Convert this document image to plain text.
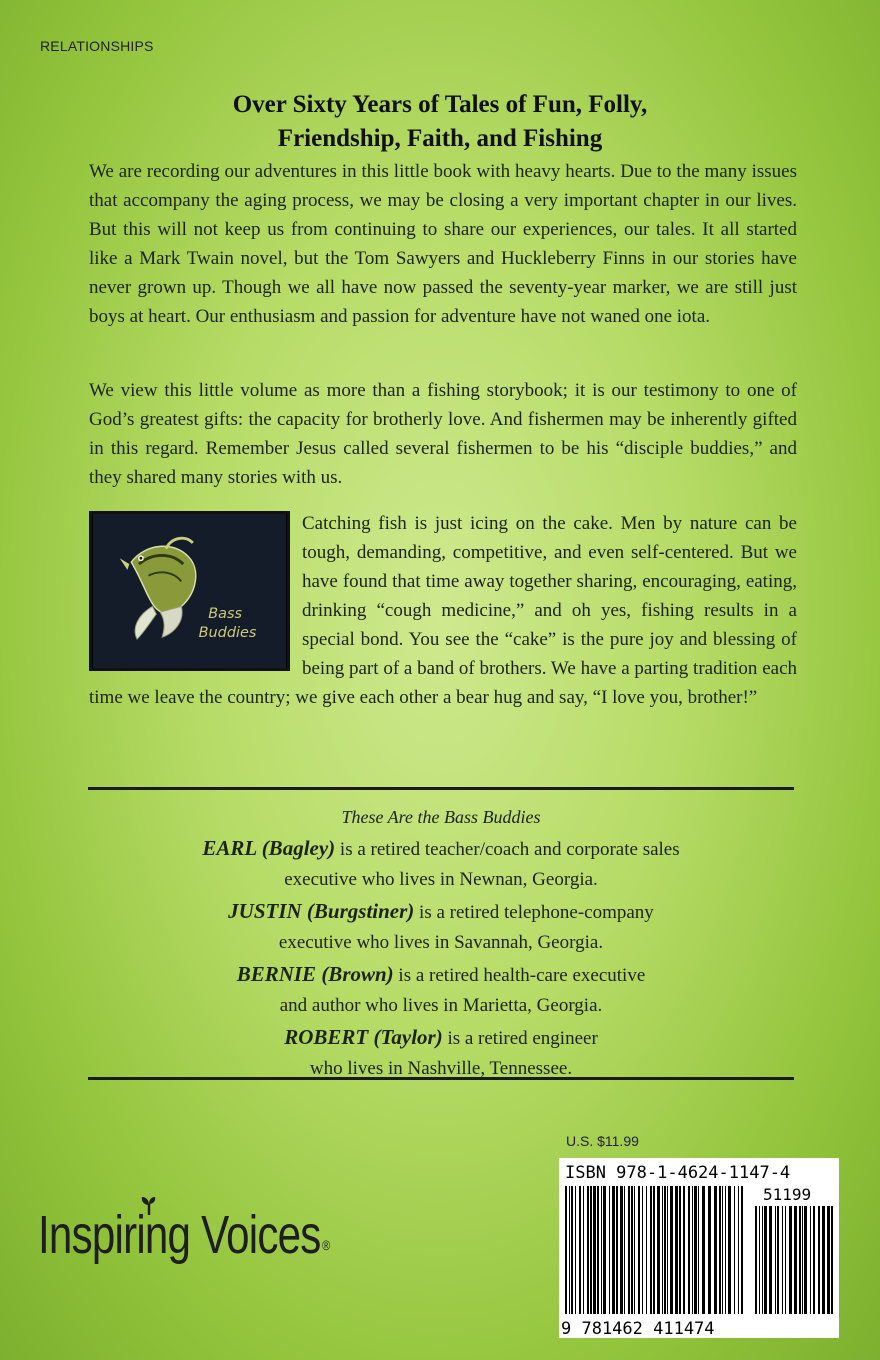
RELATIONSHIPS
Over Sixty Years of Tales of Fun, Folly,
Friendship, Faith, and Fishing

We are recording our adventures in this little book with heavy hearts. Due to the many issues that accompany the aging process, we may be closing a very important chapter in our lives. But this will not keep us from continuing to share our experiences, our tales. It all started like a Mark Twain novel, but the Tom Sawyers and Huckleberry Finns in our stories have never grown up. Though we all have now passed the seventy-year marker, we are still just boys at heart. Our enthusiasm and passion for adventure have not waned one iota.

We view this little volume as more than a fishing storybook; it is our testimony to one of God’s greatest gifts: the capacity for brotherly love. And fishermen may be inherently gifted in this regard. Remember Jesus called several fishermen to be his “disciple buddies,” and they shared many stories with us.

Bass
Buddies
Catching fish is just icing on the cake. Men by nature can be tough, demanding, competitive, and even self-centered. But we have found that time away together sharing, encouraging, eating, drinking “cough medicine,” and oh yes, fishing results in a special bond. You see the “cake” is the pure joy and blessing of being part of a band of brothers. We have a parting tradition each time we leave the country; we give each other a bear hug and say, “I love you, brother!”
These Are the Bass Buddies
EARL (Bagley) is a retired teacher/coach and corporate sales
executive who lives in Newnan, Georgia.
JUSTIN (Burgstiner) is a retired telephone-company
executive who lives in Savannah, Georgia.
BERNIE (Brown) is a retired health-care executive
and author who lives in Marietta, Georgia.
ROBERT (Taylor) is a retired engineer
who lives in Nashville, Tennessee.
U.S. $11.99
ISBN 978-1-4624-1147-4
51199
9 781462 411474
Inspiring Voices ®
